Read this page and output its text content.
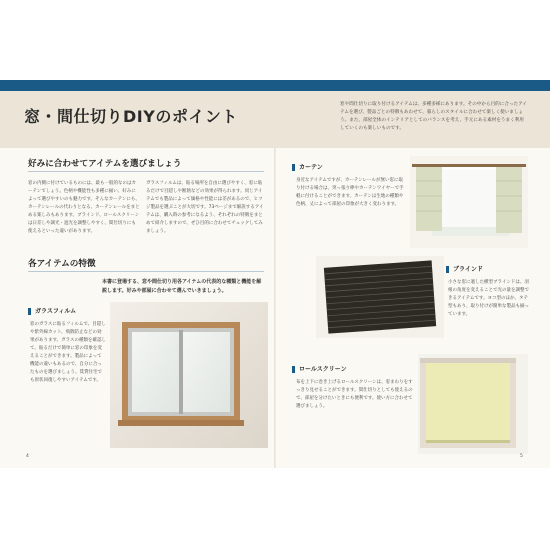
窓・間仕切りDIYのポイント
窓や間仕切りに取り付けるアイテムは、多種多様にあります。その中から目的に合ったアイテムを選び、製品ごとの特徴もあわせて、暮らしのスタイルに合わせて楽しく使いましょう。また、部屋全体のインテリアとしてのバランスを考え、手元にある素材をうまく利用していくのも楽しいものです。
好みに合わせてアイテムを選びましょう
窓の内側に付けているものには、最も一般的なのはカーテンでしょう。色柄や機能性も多種に揃い、好みによって選びやすいのも魅力です。そんなカーテンにも、カーテンレールの代わりとなる、カーテンレールをまとめる楽しみもあります。ブラインド、ロールスクリーンは日差しや調光・遮光を調整しやすく、間仕切りにも使えるといった違いがあります。
ガラスフィルムは、貼る場所を自由に選びやすく、窓に貼るだけで目隠しや断熱などの効果が得られます。同じアイテムでも製品によって価格や性能には差があるので、ヒツジ製品を選ぶことが大切です。73ページまで解説するアイテムは、購入時の参考になるよう、それぞれの特徴をまとめて紹介しますので、ぜひ目的に合わせてチェックしてみましょう。
各アイテムの特徴
本書に登場する、窓や間仕切り用各アイテムの代表的な種類と機能を解説します。好みや部屋に合わせて選んでいきましょう。
ガラスフィルム
窓のガラスに貼るフィルムで、目隠しや紫外線カット、飛散防止などの効果があります。ガラスの種類を確認して、貼るだけで簡単に窓の印象を変えることができます。製品によって機能の違いもあるので、自分に合ったものを選びましょう。賃貸住宅でも原状回復しやすいアイテムです。
4
カーテン
身近なアイテムですが、カーテンレールが無い窓に取り付ける場合は、突っ張り棒やカーテンワイヤーで手軽に付けることができます。カーテンは生地の種類や色柄、丈によって部屋の印象が大きく変わります。
ブラインド
小さな窓に適した横型ブラインドは、羽根の角度を変えることで光の量を調整できるアイテムです。ヨコ型のほか、タテ型もあり、取り付けが簡単な製品も揃っています。
ロールスクリーン
布を上下に巻き上げるロールスクリーンは、窓まわりをすっきり見せることができます。間仕切りとしても使えるので、部屋を分けたいときにも便利です。使い方に合わせて選びましょう。
5
